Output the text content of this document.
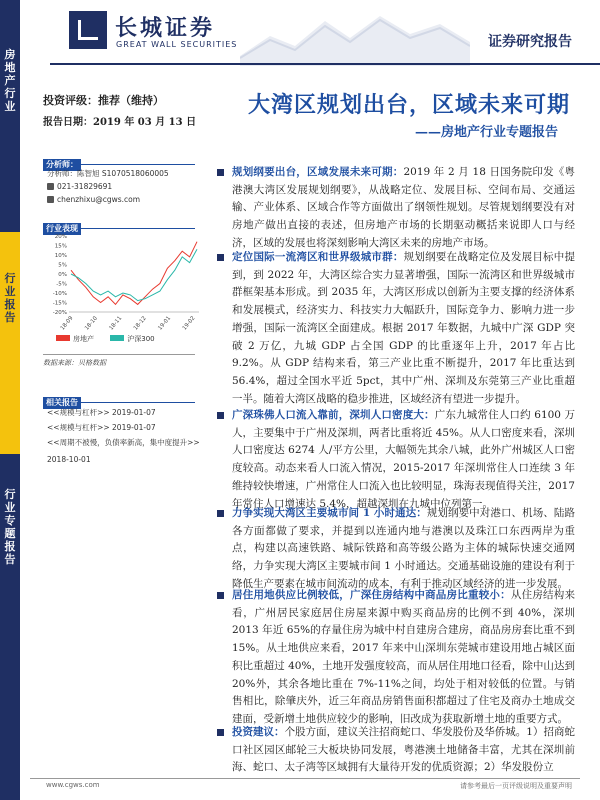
房地产行业
行业报告
行业专题报告
长城证券
GREAT WALL SECURITIES	证券研究报告
投资评级：推荐（维持）
报告日期：2019 年 03 月 13 日
大湾区规划出台，区域未来可期
——房地产行业专题报告
分析师：
分析师：陈智旭 S1070518060005
021-31829691
chenzhixu@cgws.com
行业表现
20%
15%
10%
5%
0%
-5%
-10%
-15%
-20%
18-09 18-10 18-11 18-12 19-01 19-02
房地产	沪深300
数据来源：贝格数据
相关报告
<<规模与杠杆>> 2019-01-07
<<规模与杠杆>> 2019-01-07
<<周期不被慢，负债率新高，集中度提升>>
2018-10-01
规划纲要出台，区域发展未来可期：2019 年 2 月 18 日国务院印发《粤港澳大湾区发展规划纲要》，从战略定位、发展目标、空间布局、交通运输、产业体系、区域合作等方面做出了纲领性规划。尽管规划纲要没有对房地产做出直接的表述，但房地产市场的长期驱动概括来说即人口与经济，区域的发展也将深刻影响大湾区未来的房地产市场。
定位国际一流湾区和世界级城市群：规划纲要在战略定位及发展目标中提到，到 2022 年，大湾区综合实力显著增强，国际一流湾区和世界级城市群框架基本形成。到 2035 年，大湾区形成以创新为主要支撑的经济体系和发展模式，经济实力、科技实力大幅跃升，国际竞争力、影响力进一步增强，国际一流湾区全面建成。根据 2017 年数据，九城中广深 GDP 突破 2 万亿，九城 GDP 占全国 GDP 的比重逐年上升，2017 年占比 9.2%。从 GDP 结构来看，第三产业比重不断提升，2017 年比重达到 56.4%，超过全国水平近 5pct，其中广州、深圳及东莞第三产业比重超一半。随着大湾区战略的稳步推进，区域经济有望进一步提升。
广深珠佛人口流入靠前，深圳人口密度大：广东九城常住人口约 6100 万人，主要集中于广州及深圳，两者比重将近 45%。从人口密度来看，深圳人口密度达 6274 人/平方公里，大幅领先其余八城，此外广州城区人口密度较高。动态来看人口流入情况，2015-2017 年深圳常住人口连续 3 年维持较快增速，广州常住人口流入也比较明显，珠海表现值得关注，2017 年常住人口增速达 5.4%，超越深圳在九城中位列第一。
力争实现大湾区主要城市间 1 小时通达：规划纲要中对港口、机场、陆路各方面都做了要求，并提到以连通内地与港澳以及珠江口东西两岸为重点，构建以高速铁路、城际铁路和高等级公路为主体的城际快速交通网络，力争实现大湾区主要城市间 1 小时通达。交通基础设施的建设有利于降低生产要素在城市间流动的成本，有利于推动区域经济的进一步发展。
居住用地供应比例较低，广深住房结构中商品房比重较小：从住房结构来看，广州居民家庭居住房屋来源中购买商品房的比例不到 40%，深圳 2013 年近 65%的存量住房为城中村自建房合建房，商品房房套比重不到 15%。从土地供应来看，2017 年来中山深圳东莞城市建设用地占城区面积比重超过 40%，土地开发强度较高，而从居住用地口径看，除中山达到 20%外，其余各地比重在 7%-11%之间，均处于相对较低的位置。与销售相比，除肇庆外，近三年商品房销售面积都超过了住宅及商办土地成交建面，受新增土地供应较少的影响，旧改成为获取新增土地的重要方式。
投资建议：个股方面，建议关注招商蛇口、华发股份及华侨城。1）招商蛇口社区园区邮轮三大板块协同发展，粤港澳土地储备丰富，尤其在深圳前海、蛇口、太子湾等区域拥有大量待开发的优质资源；2）华发股份立
www.cgws.com	请参考最后一页评级说明及重要声明
